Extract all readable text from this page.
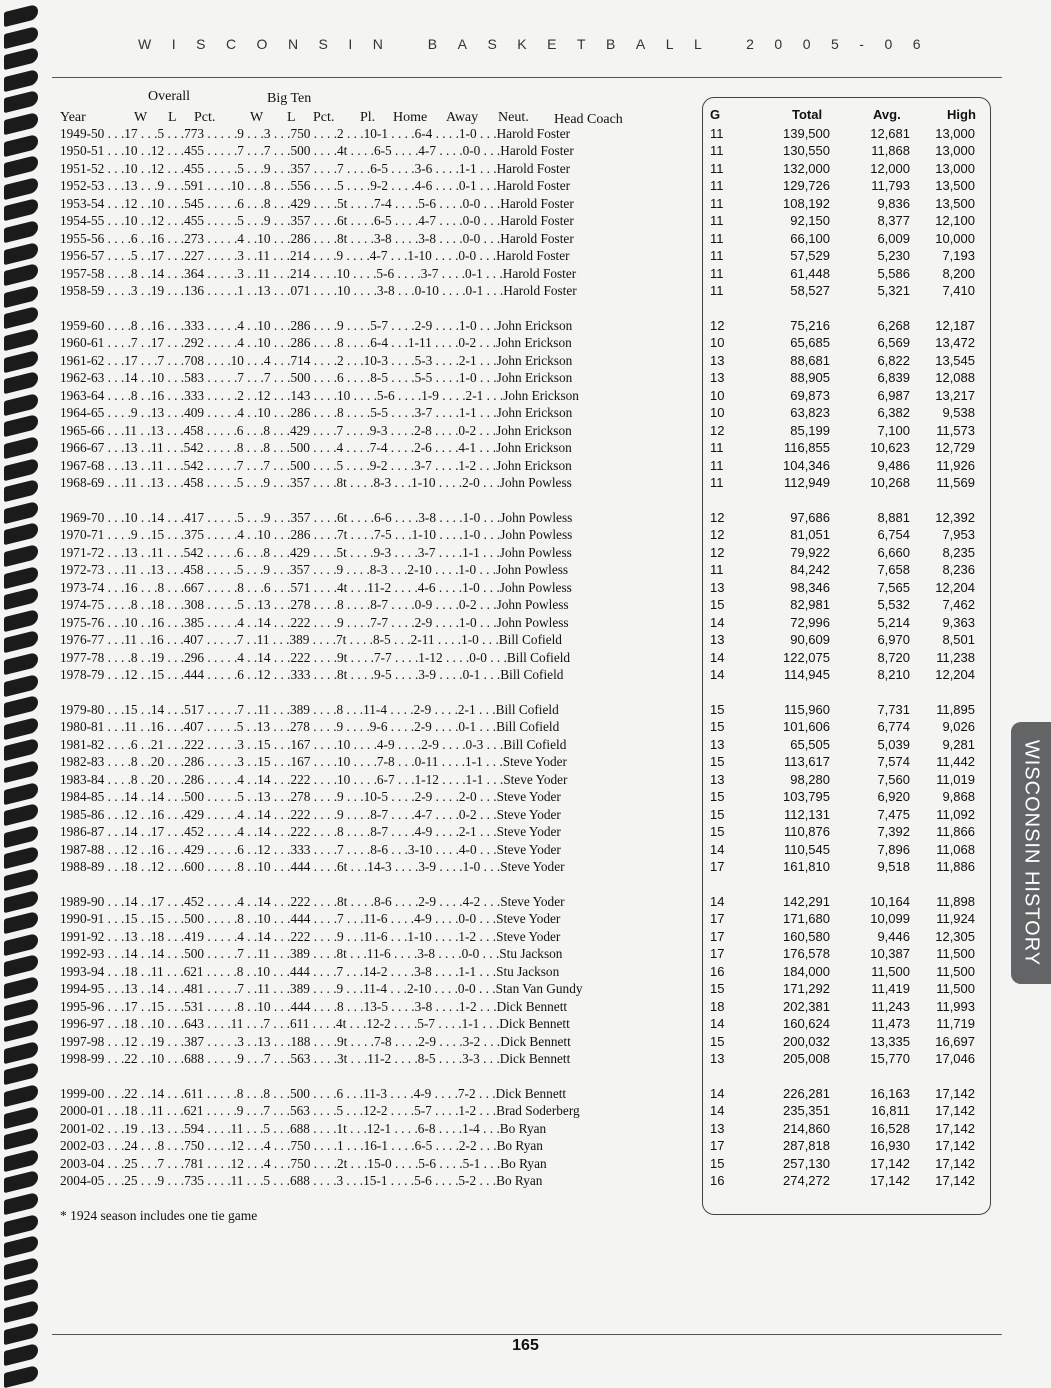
WISCONSIN BASKETBALL 2005-06
Overall	Big Ten
Year	W L Pct. W L Pct. Pl. Home Away Neut. Head Coach
1949-50 . . .17 . . .5 . . .773 . . . . .9 . . .3 . . .750 . . . .2 . . .10-1 . . . .6-4 . . . .1-0 . . .Harold Foster
1950-51 . . .10 . .12 . . .455 . . . . .7 . . .7 . . .500 . . . .4t . . . .6-5 . . . .4-7 . . . .0-0 . . .Harold Foster
1951-52 . . .10 . .12 . . .455 . . . . .5 . . .9 . . .357 . . . .7 . . . .6-5 . . . .3-6 . . . .1-1 . . .Harold Foster
1952-53 . . .13 . . .9 . . .591 . . . .10 . . .8 . . .556 . . . .5 . . . .9-2 . . . .4-6 . . . .0-1 . . .Harold Foster
1953-54 . . .12 . .10 . . .545 . . . . .6 . . .8 . . .429 . . . .5t . . . .7-4 . . . .5-6 . . . .0-0 . . .Harold Foster
1954-55 . . .10 . .12 . . .455 . . . . .5 . . .9 . . .357 . . . .6t . . . .6-5 . . . .4-7 . . . .0-0 . . .Harold Foster
1955-56 . . . .6 . .16 . . .273 . . . . .4 . .10 . . .286 . . . .8t . . . .3-8 . . . .3-8 . . . .0-0 . . .Harold Foster
1956-57 . . . .5 . .17 . . .227 . . . . .3 . .11 . . .214 . . . .9 . . . .4-7 . . .1-10 . . . .0-0 . . .Harold Foster
1957-58 . . . .8 . .14 . . .364 . . . . .3 . .11 . . .214 . . . .10 . . . .5-6 . . . .3-7 . . . .0-1 . . .Harold Foster
1958-59 . . . .3 . .19 . . .136 . . . . .1 . .13 . . .071 . . . .10 . . . .3-8 . . .0-10 . . . .0-1 . . .Harold Foster
1959-60 . . . .8 . .16 . . .333 . . . . .4 . .10 . . .286 . . . .9 . . . .5-7 . . . .2-9 . . . .1-0 . . .John Erickson
1960-61 . . . .7 . .17 . . .292 . . . . .4 . .10 . . .286 . . . .8 . . . .6-4 . . .1-11 . . . .0-2 . . .John Erickson
1961-62 . . .17 . . .7 . . .708 . . . .10 . . .4 . . .714 . . . .2 . . .10-3 . . . .5-3 . . . .2-1 . . .John Erickson
1962-63 . . .14 . .10 . . .583 . . . . .7 . . .7 . . .500 . . . .6 . . . .8-5 . . . .5-5 . . . .1-0 . . .John Erickson
1963-64 . . . .8 . .16 . . .333 . . . . .2 . .12 . . .143 . . . .10 . . . .5-6 . . . .1-9 . . . .2-1 . . .John Erickson
1964-65 . . . .9 . .13 . . .409 . . . . .4 . .10 . . .286 . . . .8 . . . .5-5 . . . .3-7 . . . .1-1 . . .John Erickson
1965-66 . . .11 . .13 . . .458 . . . . .6 . . .8 . . .429 . . . .7 . . . .9-3 . . . .2-8 . . . .0-2 . . .John Erickson
1966-67 . . .13 . .11 . . .542 . . . . .8 . . .8 . . .500 . . . .4 . . . .7-4 . . . .2-6 . . . .4-1 . . .John Erickson
1967-68 . . .13 . .11 . . .542 . . . . .7 . . .7 . . .500 . . . .5 . . . .9-2 . . . .3-7 . . . .1-2 . . .John Erickson
1968-69 . . .11 . .13 . . .458 . . . . .5 . . .9 . . .357 . . . .8t . . . .8-3 . . .1-10 . . . .2-0 . . .John Powless
1969-70 . . .10 . .14 . . .417 . . . . .5 . . .9 . . .357 . . . .6t . . . .6-6 . . . .3-8 . . . .1-0 . . .John Powless
1970-71 . . . .9 . .15 . . .375 . . . . .4 . .10 . . .286 . . . .7t . . . .7-5 . . .1-10 . . . .1-0 . . .John Powless
1971-72 . . .13 . .11 . . .542 . . . . .6 . . .8 . . .429 . . . .5t . . . .9-3 . . . .3-7 . . . .1-1 . . .John Powless
1972-73 . . .11 . .13 . . .458 . . . . .5 . . .9 . . .357 . . . .9 . . . .8-3 . . .2-10 . . . .1-0 . . .John Powless
1973-74 . . .16 . . .8 . . .667 . . . . .8 . . .6 . . .571 . . . .4t . . .11-2 . . . .4-6 . . . .1-0 . . .John Powless
1974-75 . . . .8 . .18 . . .308 . . . . .5 . .13 . . .278 . . . .8 . . . .8-7 . . . .0-9 . . . .0-2 . . .John Powless
1975-76 . . .10 . .16 . . .385 . . . . .4 . .14 . . .222 . . . .9 . . . .7-7 . . . .2-9 . . . .1-0 . . .John Powless
1976-77 . . .11 . .16 . . .407 . . . . .7 . .11 . . .389 . . . .7t . . . .8-5 . . .2-11 . . . .1-0 . . .Bill Cofield
1977-78 . . . .8 . .19 . . .296 . . . . .4 . .14 . . .222 . . . .9t . . . .7-7 . . . .1-12 . . . .0-0 . . .Bill Cofield
1978-79 . . .12 . .15 . . .444 . . . . .6 . .12 . . .333 . . . .8t . . . .9-5 . . . .3-9 . . . .0-1 . . .Bill Cofield
1979-80 . . .15 . .14 . . .517 . . . . .7 . .11 . . .389 . . . .8 . . .11-4 . . . .2-9 . . . .2-1 . . .Bill Cofield
1980-81 . . .11 . .16 . . .407 . . . . .5 . .13 . . .278 . . . .9 . . . .9-6 . . . .2-9 . . . .0-1 . . .Bill Cofield
1981-82 . . . .6 . .21 . . .222 . . . . .3 . .15 . . .167 . . . .10 . . . .4-9 . . . .2-9 . . . .0-3 . . .Bill Cofield
1982-83 . . . .8 . .20 . . .286 . . . . .3 . .15 . . .167 . . . .10 . . . .7-8 . . .0-11 . . . .1-1 . . .Steve Yoder
1983-84 . . . .8 . .20 . . .286 . . . . .4 . .14 . . .222 . . . .10 . . . .6-7 . . .1-12 . . . .1-1 . . .Steve Yoder
1984-85 . . .14 . .14 . . .500 . . . . .5 . .13 . . .278 . . . .9 . . .10-5 . . . .2-9 . . . .2-0 . . .Steve Yoder
1985-86 . . .12 . .16 . . .429 . . . . .4 . .14 . . .222 . . . .9 . . . .8-7 . . . .4-7 . . . .0-2 . . .Steve Yoder
1986-87 . . .14 . .17 . . .452 . . . . .4 . .14 . . .222 . . . .8 . . . .8-7 . . . .4-9 . . . .2-1 . . .Steve Yoder
1987-88 . . .12 . .16 . . .429 . . . . .6 . .12 . . .333 . . . .7 . . . .8-6 . . .3-10 . . . .4-0 . . .Steve Yoder
1988-89 . . .18 . .12 . . .600 . . . . .8 . .10 . . .444 . . . .6t . . .14-3 . . . .3-9 . . . .1-0 . . .Steve Yoder
1989-90 . . .14 . .17 . . .452 . . . . .4 . .14 . . .222 . . . .8t . . . .8-6 . . . .2-9 . . . .4-2 . . .Steve Yoder
1990-91 . . .15 . .15 . . .500 . . . . .8 . .10 . . .444 . . . .7 . . .11-6 . . . .4-9 . . . .0-0 . . .Steve Yoder
1991-92 . . .13 . .18 . . .419 . . . . .4 . .14 . . .222 . . . .9 . . .11-6 . . .1-10 . . . .1-2 . . .Steve Yoder
1992-93 . . .14 . .14 . . .500 . . . . .7 . .11 . . .389 . . . .8t . . .11-6 . . . .3-8 . . . .0-0 . . .Stu Jackson
1993-94 . . .18 . .11 . . .621 . . . . .8 . .10 . . .444 . . . .7 . . .14-2 . . . .3-8 . . . .1-1 . . .Stu Jackson
1994-95 . . .13 . .14 . . .481 . . . . .7 . .11 . . .389 . . . .9 . . .11-4 . . .2-10 . . . .0-0 . . .Stan Van Gundy
1995-96 . . .17 . .15 . . .531 . . . . .8 . .10 . . .444 . . . .8 . . .13-5 . . . .3-8 . . . .1-2 . . .Dick Bennett
1996-97 . . .18 . .10 . . .643 . . . .11 . . .7 . . .611 . . . .4t . . .12-2 . . . .5-7 . . . .1-1 . . .Dick Bennett
1997-98 . . .12 . .19 . . .387 . . . . .3 . .13 . . .188 . . . .9t . . . .7-8 . . . .2-9 . . . .3-2 . . .Dick Bennett
1998-99 . . .22 . .10 . . .688 . . . . .9 . . .7 . . .563 . . . .3t . . .11-2 . . . .8-5 . . . .3-3 . . .Dick Bennett
1999-00 . . .22 . .14 . . .611 . . . . .8 . . .8 . . .500 . . . .6 . . .11-3 . . . .4-9 . . . .7-2 . . .Dick Bennett
2000-01 . . .18 . .11 . . .621 . . . . .9 . . .7 . . .563 . . . .5 . . .12-2 . . . .5-7 . . . .1-2 . . .Brad Soderberg
2001-02 . . .19 . .13 . . .594 . . . .11 . . .5 . . .688 . . . .1t . . .12-1 . . . .6-8 . . . .1-4 . . .Bo Ryan
2002-03 . . .24 . . .8 . . .750 . . . .12 . . .4 . . .750 . . . .1 . . .16-1 . . . .6-5 . . . .2-2 . . .Bo Ryan
2003-04 . . .25 . . .7 . . .781 . . . .12 . . .4 . . .750 . . . .2t . . .15-0 . . . .5-6 . . . .5-1 . . .Bo Ryan
2004-05 . . .25 . . .9 . . .735 . . . .11 . . .5 . . .688 . . . .3 . . .15-1 . . . .5-6 . . . .5-2 . . .Bo Ryan
G	Total	Avg.	High
11	139,500	12,681 13,000
11	130,550	11,868 13,000
11	132,000	12,000 13,000
11	129,726	11,793 13,500
11	108,192	9,836 13,500
11	92,150	8,377 12,100
11	66,100	6,009 10,000
11	57,529	5,230 7,193
11	61,448	5,586 8,200
11	58,527	5,321 7,410
12	75,216	6,268 12,187
10	65,685	6,569 13,472
13	88,681	6,822 13,545
13	88,905	6,839 12,088
10	69,873	6,987 13,217
10	63,823	6,382 9,538
12	85,199	7,100 11,573
11	116,855	10,623 12,729
11	104,346	9,486 11,926
11	112,949	10,268 11,569
12	97,686	8,881 12,392
12	81,051	6,754 7,953
12	79,922	6,660 8,235
11	84,242	7,658 8,236
13	98,346	7,565 12,204
15	82,981	5,532 7,462
14	72,996	5,214 9,363
13	90,609	6,970 8,501
14	122,075	8,720 11,238
14	114,945	8,210 12,204
15	115,960	7,731 11,895
15	101,606	6,774 9,026
13	65,505	5,039 9,281
15	113,617	7,574 11,442
13	98,280	7,560 11,019
15	103,795	6,920 9,868
15	112,131	7,475 11,092
15	110,876	7,392 11,866
14	110,545	7,896 11,068
17	161,810	9,518 11,886
14	142,291	10,164 11,898
17	171,680	10,099 11,924
17	160,580	9,446 12,305
17	176,578	10,387 11,500
16	184,000	11,500 11,500
15	171,292	11,419 11,500
18	202,381	11,243 11,993
14	160,624	11,473 11,719
15	200,032	13,335 16,697
13	205,008	15,770 17,046
14	226,281	16,163 17,142
14	235,351	16,811 17,142
13	214,860	16,528 17,142
17	287,818	16,930 17,142
15	257,130	17,142 17,142
16	274,272	17,142 17,142
* 1924 season includes one tie game
WISCONSIN HISTORY
165
